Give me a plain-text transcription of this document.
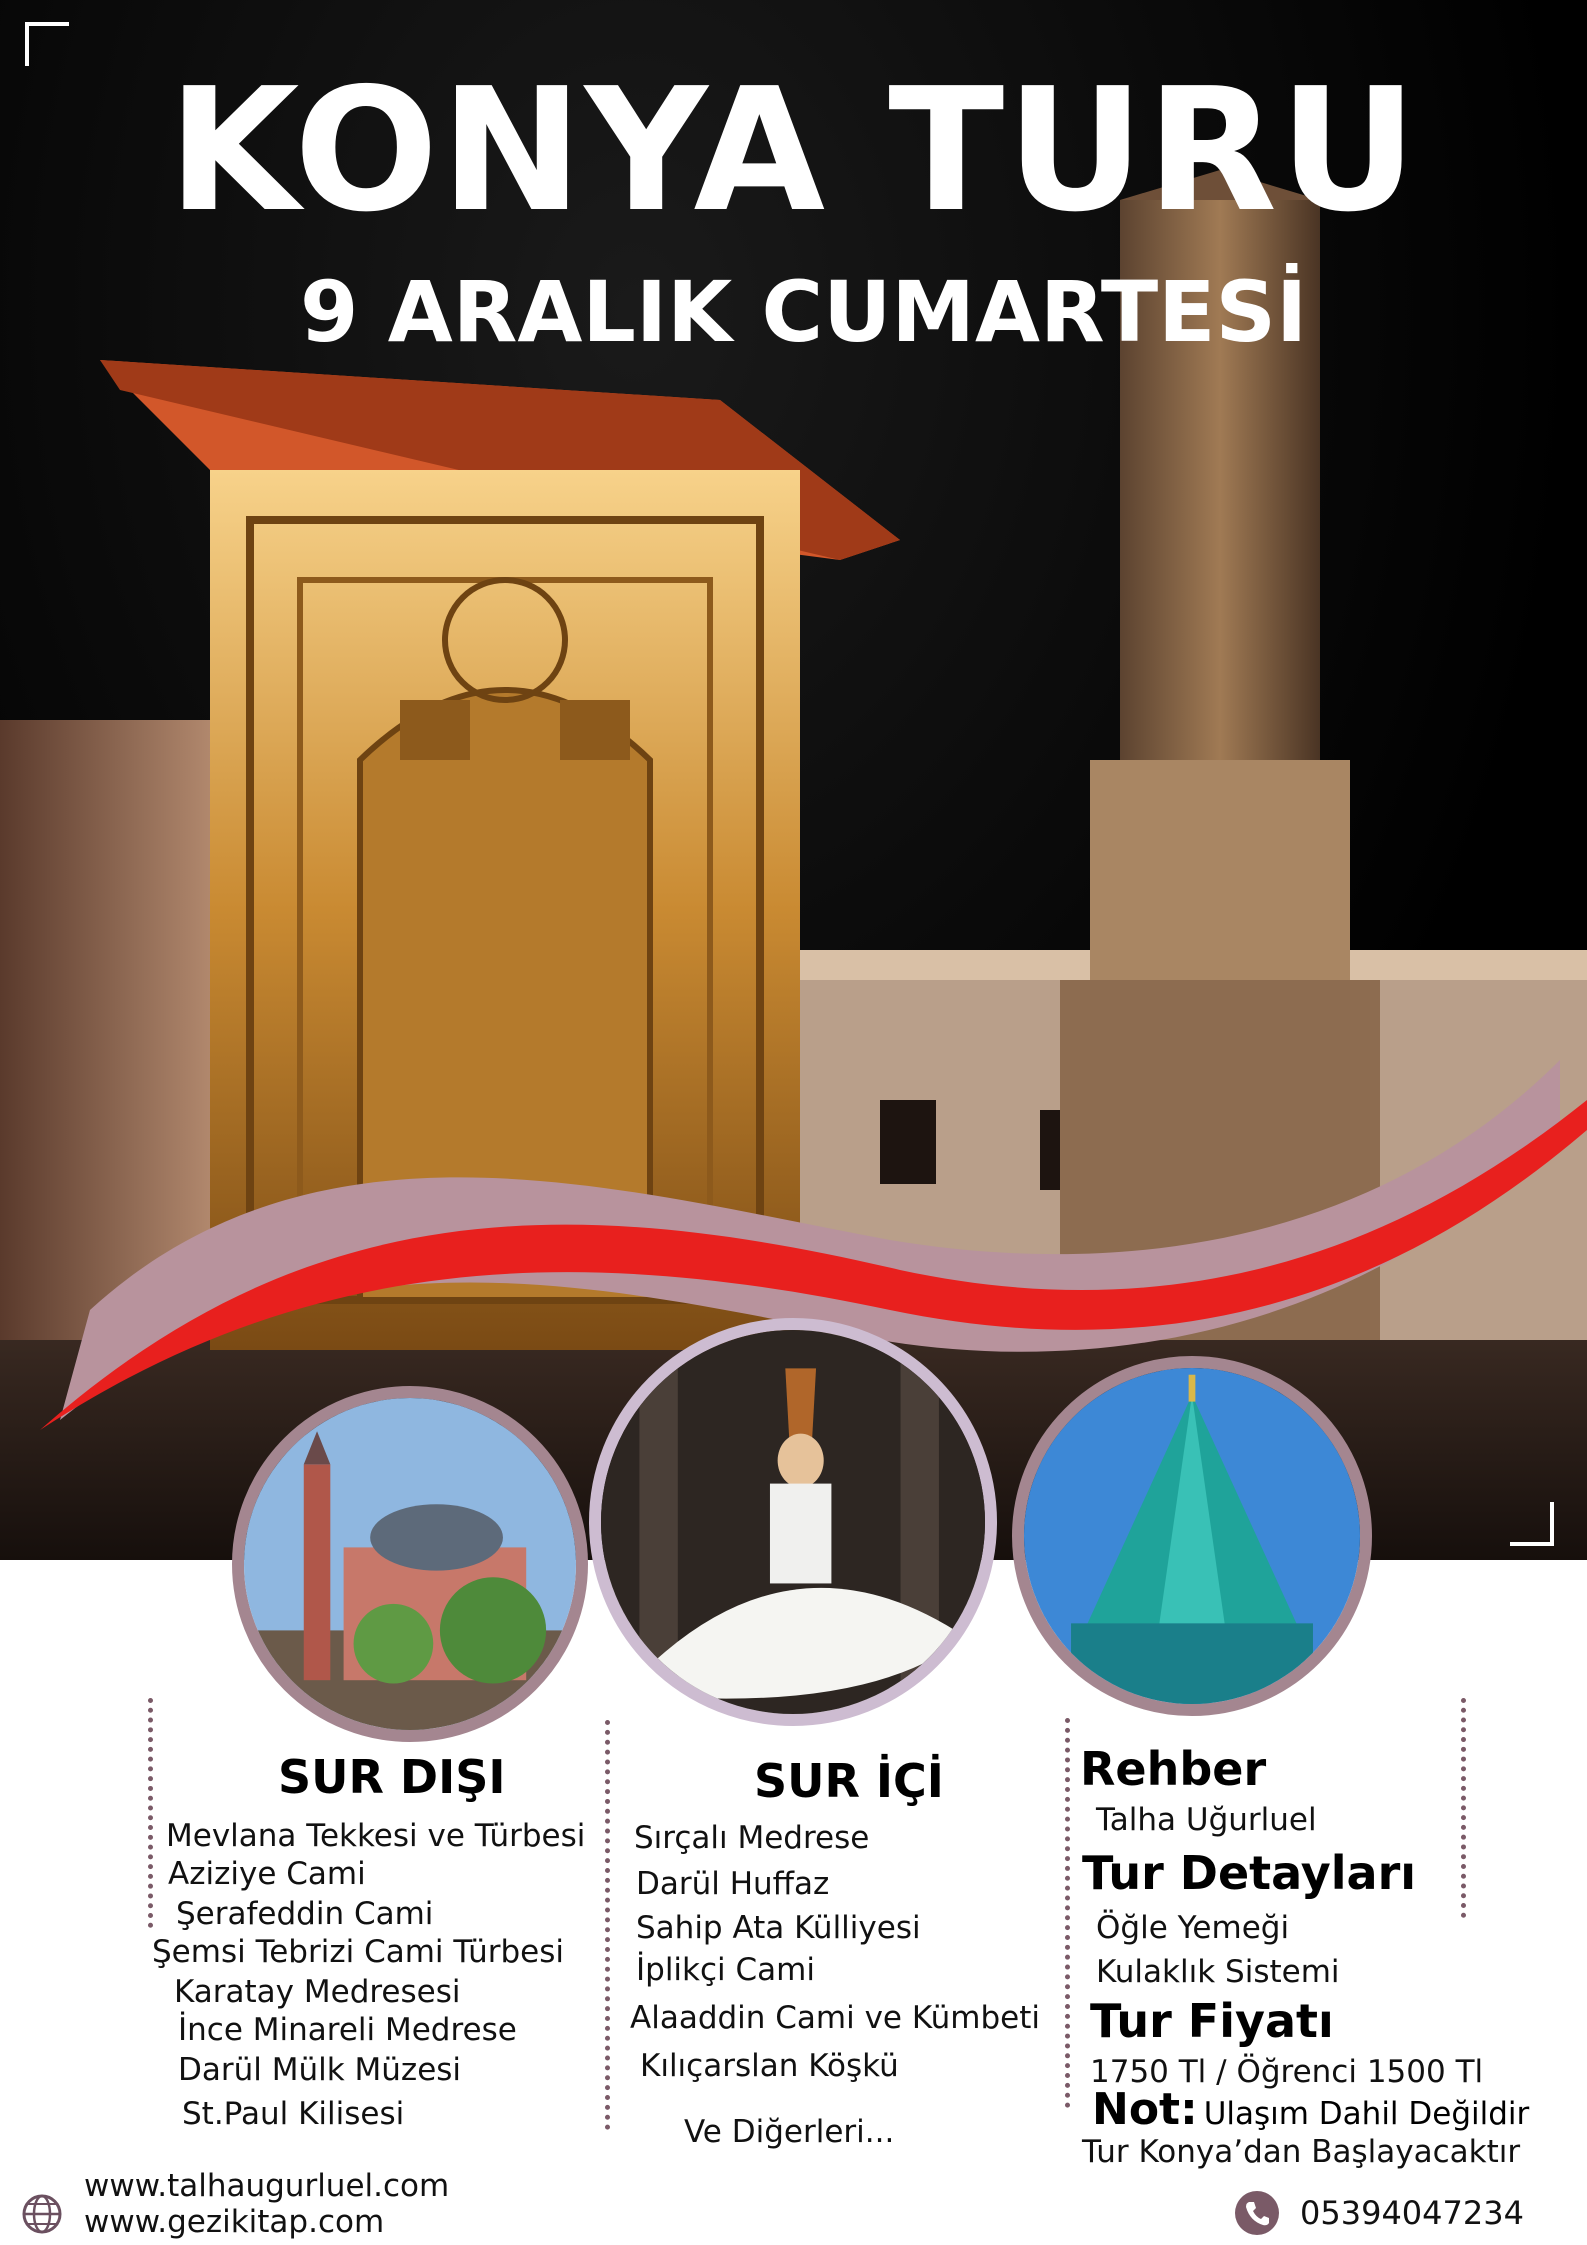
KONYA TURU
9 ARALIK CUMARTESİ
SUR DIŞI

Mevlana Tekkesi ve Türbesi

Aziziye Cami

Şerafeddin Cami

Şemsi Tebrizi Cami Türbesi

Karatay Medresesi

İnce Minareli Medrese

Darül Mülk Müzesi

St.Paul Kilisesi

SUR İÇİ

Sırçalı Medrese

Darül Huffaz

Sahip Ata Külliyesi

İplikçi Cami

Alaaddin Cami ve Kümbeti

Kılıçarslan Köşkü

Ve Diğerleri...

Rehber

Talha Uğurluel

Tur Detayları

Öğle Yemeği

Kulaklık Sistemi

Tur Fiyatı

1750 Tl / Öğrenci 1500 Tl

Not: Ulaşım Dahil Değildir

Tur Konya’dan Başlayacaktır

www.talhaugurluel.com
www.gezikitap.com	05394047234
